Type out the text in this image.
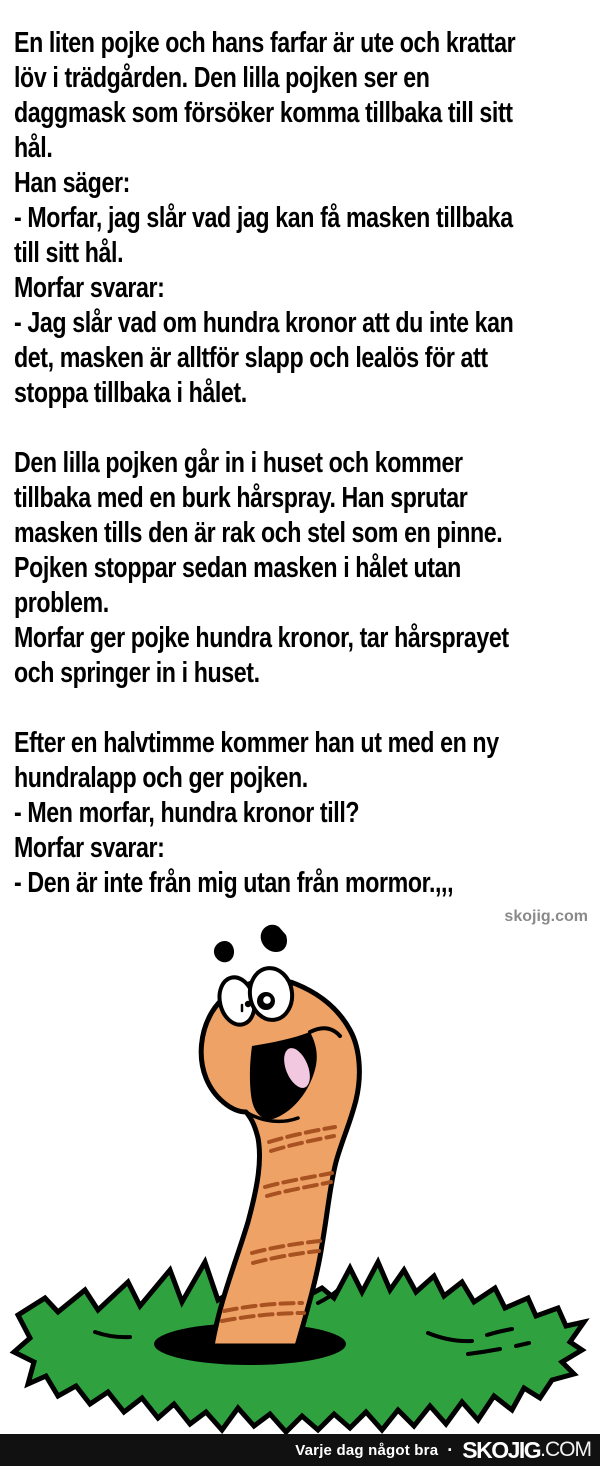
En liten pojke och hans farfar är ute och krattar
löv i trädgården. Den lilla pojken ser en
daggmask som försöker komma tillbaka till sitt
hål.
Han säger:
- Morfar, jag slår vad jag kan få masken tillbaka
till sitt hål.
Morfar svarar:
- Jag slår vad om hundra kronor att du inte kan
det, masken är alltför slapp och lealös för att
stoppa tillbaka i hålet.

Den lilla pojken går in i huset och kommer
tillbaka med en burk hårspray. Han sprutar
masken tills den är rak och stel som en pinne.
Pojken stoppar sedan masken i hålet utan
problem.
Morfar ger pojke hundra kronor, tar hårsprayet
och springer in i huset.

Efter en halvtimme kommer han ut med en ny
hundralapp och ger pojken.
- Men morfar, hundra kronor till?
Morfar svarar:
- Den är inte från mig utan från mormor.,,,
skojig.com
Varje dag något bra · SKOJIG .COM
